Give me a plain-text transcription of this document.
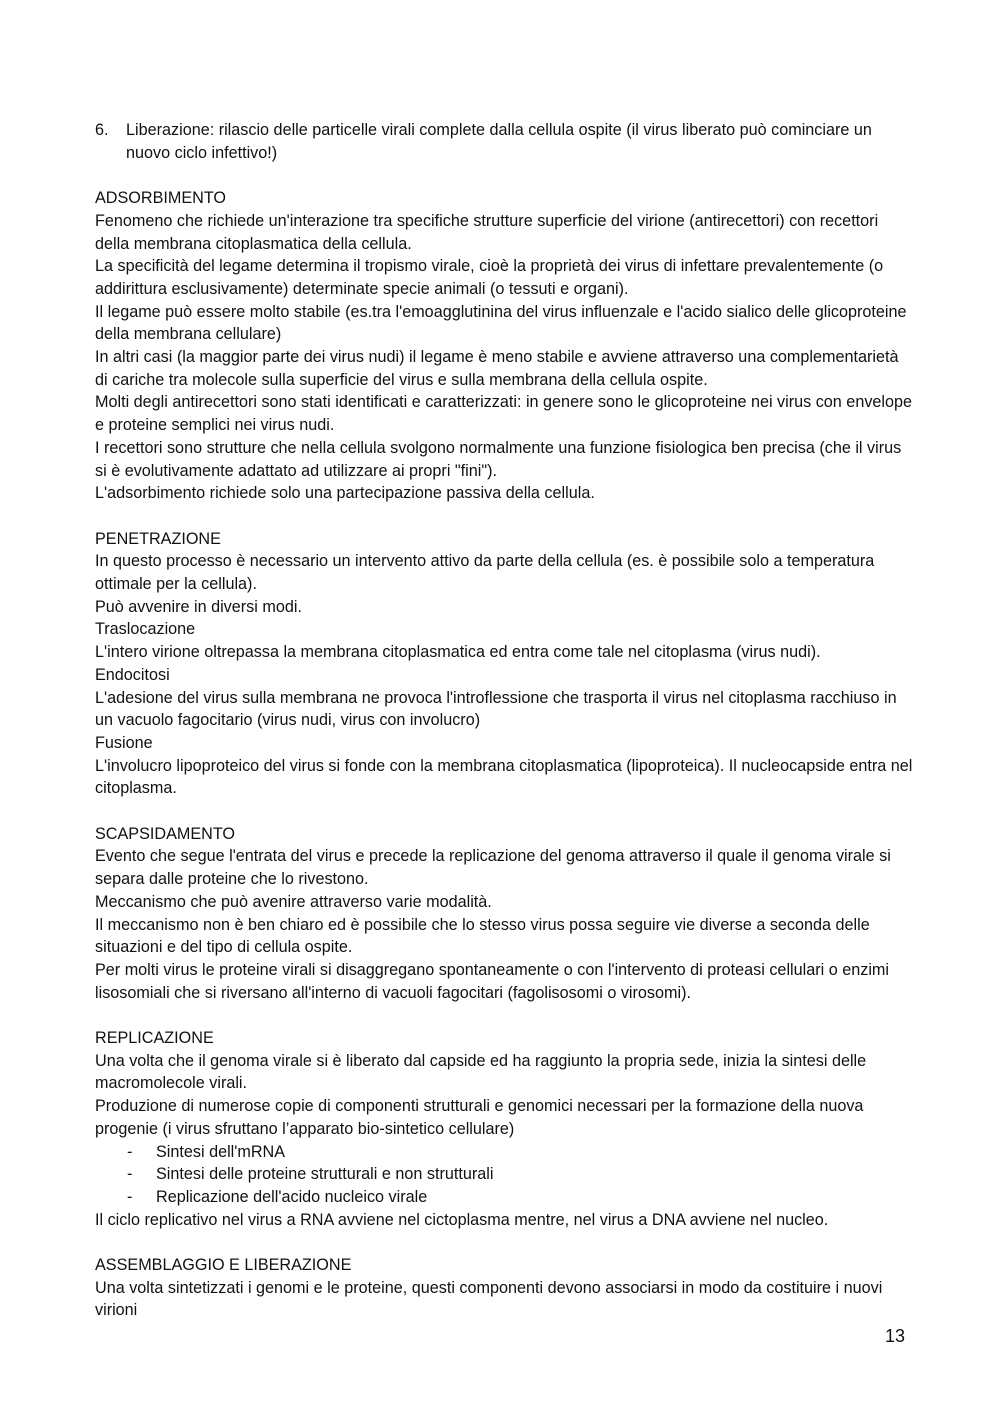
6.	Liberazione: rilascio delle particelle virali complete dalla cellula ospite (il virus liberato può cominciare un nuovo ciclo infettivo!)

ADSORBIMENTO

Fenomeno che richiede un'interazione tra specifiche strutture superficie del virione (antirecettori) con recettori della membrana citoplasmatica della cellula.

La specificità del legame determina il tropismo virale, cioè la proprietà dei virus di infettare prevalentemente (o addirittura esclusivamente) determinate specie animali (o tessuti e organi).

Il legame può essere molto stabile (es.tra l'emoagglutinina del virus influenzale e l'acido sialico delle glicoproteine della membrana cellulare)

In altri casi (la maggior parte dei virus nudi) il legame è meno stabile e avviene attraverso una complementarietà di cariche tra molecole sulla superficie del virus e sulla membrana della cellula ospite.

Molti degli antirecettori sono stati identificati e caratterizzati: in genere sono le glicoproteine nei virus con envelope e proteine semplici nei virus nudi.

I recettori sono strutture che nella cellula svolgono normalmente una funzione fisiologica ben precisa (che il virus si è evolutivamente adattato ad utilizzare ai propri "fini").

L'adsorbimento richiede solo una partecipazione passiva della cellula.

PENETRAZIONE

In questo processo è necessario un intervento attivo da parte della cellula (es. è possibile solo a temperatura ottimale per la cellula).

Può avvenire in diversi modi.

Traslocazione

L'intero virione oltrepassa la membrana citoplasmatica ed entra come tale nel citoplasma (virus nudi).

Endocitosi

L'adesione del virus sulla membrana ne provoca l'introflessione che trasporta il virus nel citoplasma racchiuso in un vacuolo fagocitario (virus nudi, virus con involucro)

Fusione

L'involucro lipoproteico del virus si fonde con la membrana citoplasmatica (lipoproteica). Il nucleocapside entra nel citoplasma.

SCAPSIDAMENTO

Evento che segue l'entrata del virus e precede la replicazione del genoma attraverso il quale il genoma virale si separa dalle proteine che lo rivestono.

Meccanismo che può avenire attraverso varie modalità.

Il meccanismo non è ben chiaro ed è possibile che lo stesso virus possa seguire vie diverse a seconda delle situazioni e del tipo di cellula ospite.

Per molti virus le proteine virali si disaggregano spontaneamente o con l'intervento di proteasi cellulari o enzimi lisosomiali che si riversano all'interno di vacuoli fagocitari (fagolisosomi o virosomi).

REPLICAZIONE

Una volta che il genoma virale si è liberato dal capside ed ha raggiunto la propria sede, inizia la sintesi delle macromolecole virali.

Produzione di numerose copie di componenti strutturali e genomici necessari per la formazione della nuova progenie (i virus sfruttano l’apparato bio-sintetico cellulare)

-	Sintesi dell'mRNA
-	Sintesi delle proteine strutturali e non strutturali
-	Replicazione dell'acido nucleico virale

Il ciclo replicativo nel virus a RNA avviene nel cictoplasma mentre, nel virus a DNA avviene nel nucleo.

ASSEMBLAGGIO E LIBERAZIONE

Una volta sintetizzati i genomi e le proteine, questi componenti devono associarsi in modo da costituire i nuovi virioni

13
